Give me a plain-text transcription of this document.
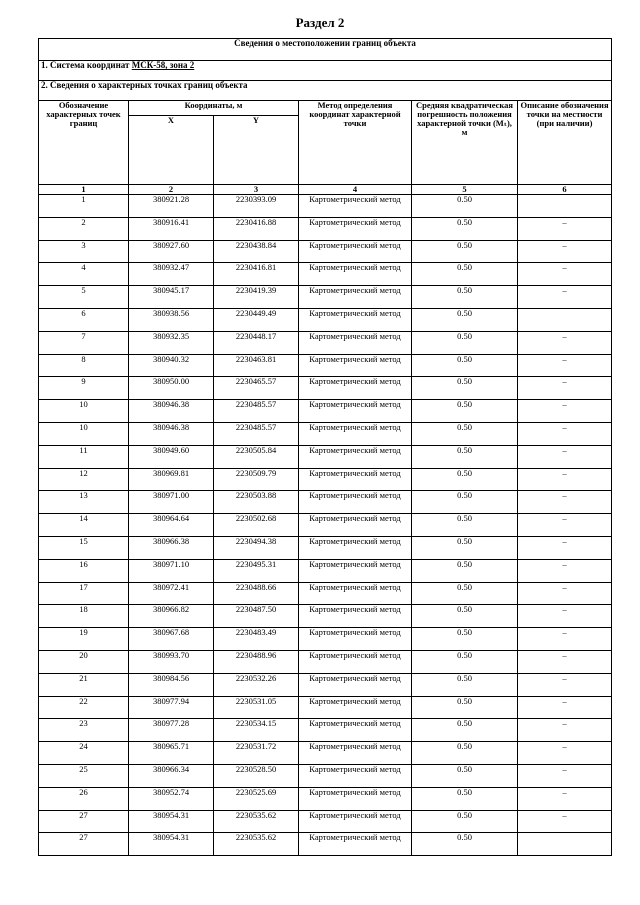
Раздел 2
Сведения о местоположении границ объекта					
1. Система координат МСК-58, зона 2					
2. Сведения о характерных точках границ объекта					
Обозначение характерных точек границ	Координаты, м		Метод определения координат характерной точки	Средняя квадратическая погрешность положения характерной точки (Mₜ), м	Описание обозначения точки на местности (при наличии)
	X	Y			
1	2	3	4	5	6
1	380921.28	2230393.09	Картометрический метод	0.50	
2	380916.41	2230416.88	Картометрический метод	0.50	–
3	380927.60	2230438.84	Картометрический метод	0.50	–
4	380932.47	2230416.81	Картометрический метод	0.50	–
5	380945.17	2230419.39	Картометрический метод	0.50	–
6	380938.56	2230449.49	Картометрический метод	0.50	
7	380932.35	2230448.17	Картометрический метод	0.50	–
8	380940.32	2230463.81	Картометрический метод	0.50	–
9	380950.00	2230465.57	Картометрический метод	0.50	–
10	380946.38	2230485.57	Картометрический метод	0.50	–
10	380946.38	2230485.57	Картометрический метод	0.50	–
11	380949.60	2230505.84	Картометрический метод	0.50	–
12	380969.81	2230509.79	Картометрический метод	0.50	–
13	380971.00	2230503.88	Картометрический метод	0.50	–
14	380964.64	2230502.68	Картометрический метод	0.50	–
15	380966.38	2230494.38	Картометрический метод	0.50	–
16	380971.10	2230495.31	Картометрический метод	0.50	–
17	380972.41	2230488.66	Картометрический метод	0.50	–
18	380966.82	2230487.50	Картометрический метод	0.50	–
19	380967.68	2230483.49	Картометрический метод	0.50	–
20	380993.70	2230488.96	Картометрический метод	0.50	–
21	380984.56	2230532.26	Картометрический метод	0.50	–
22	380977.94	2230531.05	Картометрический метод	0.50	–
23	380977.28	2230534.15	Картометрический метод	0.50	–
24	380965.71	2230531.72	Картометрический метод	0.50	–
25	380966.34	2230528.50	Картометрический метод	0.50	–
26	380952.74	2230525.69	Картометрический метод	0.50	–
27	380954.31	2230535.62	Картометрический метод	0.50	–
27	380954.31	2230535.62	Картометрический метод	0.50	
